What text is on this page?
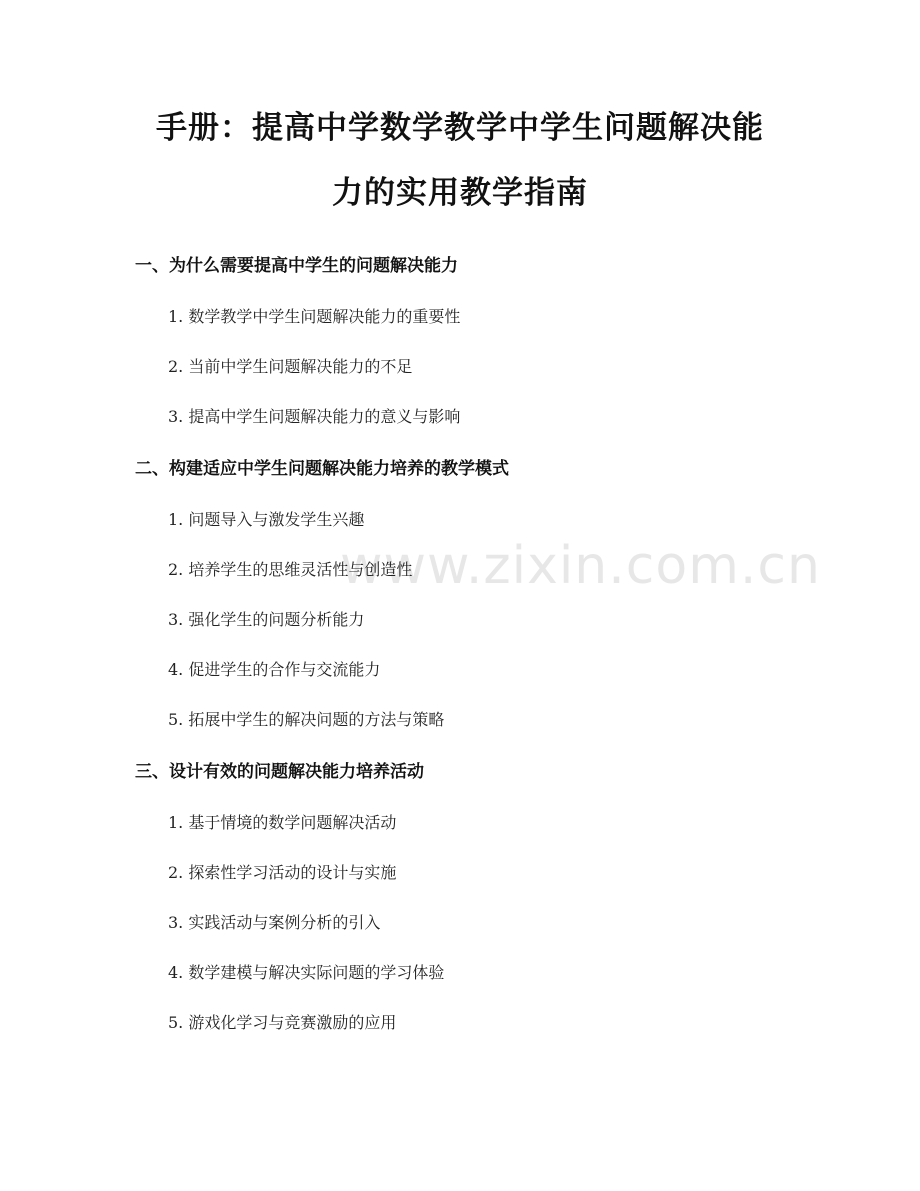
www.zixin.com.cn
手册：提高中学数学教学中学生问题解决能
力的实用教学指南
一、为什么需要提高中学生的问题解决能力
1. 数学教学中学生问题解决能力的重要性
2. 当前中学生问题解决能力的不足
3. 提高中学生问题解决能力的意义与影响
二、构建适应中学生问题解决能力培养的教学模式
1. 问题导入与激发学生兴趣
2. 培养学生的思维灵活性与创造性
3. 强化学生的问题分析能力
4. 促进学生的合作与交流能力
5. 拓展中学生的解决问题的方法与策略
三、设计有效的问题解决能力培养活动
1. 基于情境的数学问题解决活动
2. 探索性学习活动的设计与实施
3. 实践活动与案例分析的引入
4. 数学建模与解决实际问题的学习体验
5. 游戏化学习与竞赛激励的应用
